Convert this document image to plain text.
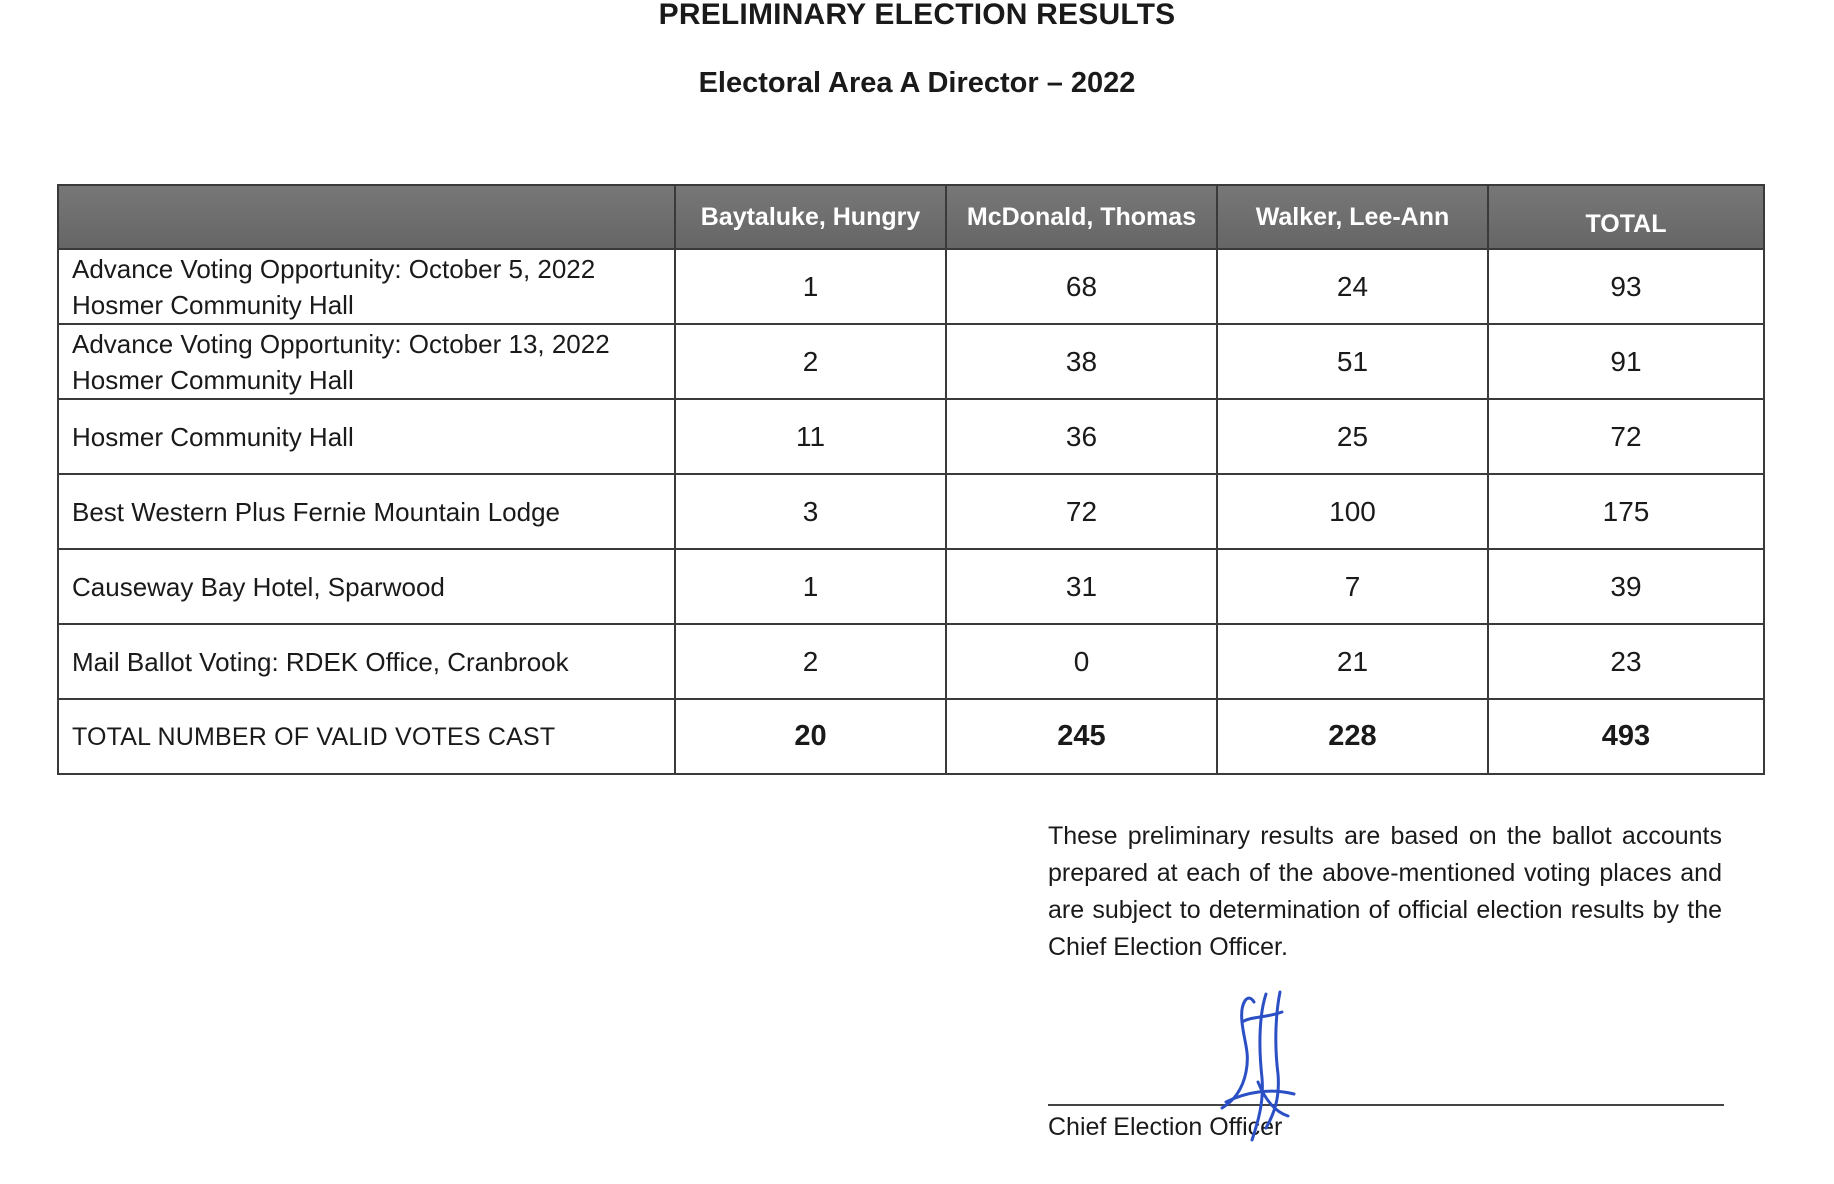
PRELIMINARY ELECTION RESULTS
Electoral Area A Director – 2022
	Baytaluke, Hungry	McDonald, Thomas	Walker, Lee-Ann	TOTAL

Advance Voting Opportunity: October 5, 2022
Hosmer Community Hall	1	68	24	93

Advance Voting Opportunity: October 13, 2022
Hosmer Community Hall	2	38	51	91

Hosmer Community Hall	11	36	25	72

Best Western Plus Fernie Mountain Lodge	3	72	100	175

Causeway Bay Hotel, Sparwood	1	31	7	39

Mail Ballot Voting: RDEK Office, Cranbrook	2	0	21	23
TOTAL NUMBER OF VALID VOTES CAST	20	245	228	493
These preliminary results are based on the ballot accounts prepared at each of the above-mentioned voting places and are subject to determination of official election results by the Chief Election Officer.
Chief Election Officer
